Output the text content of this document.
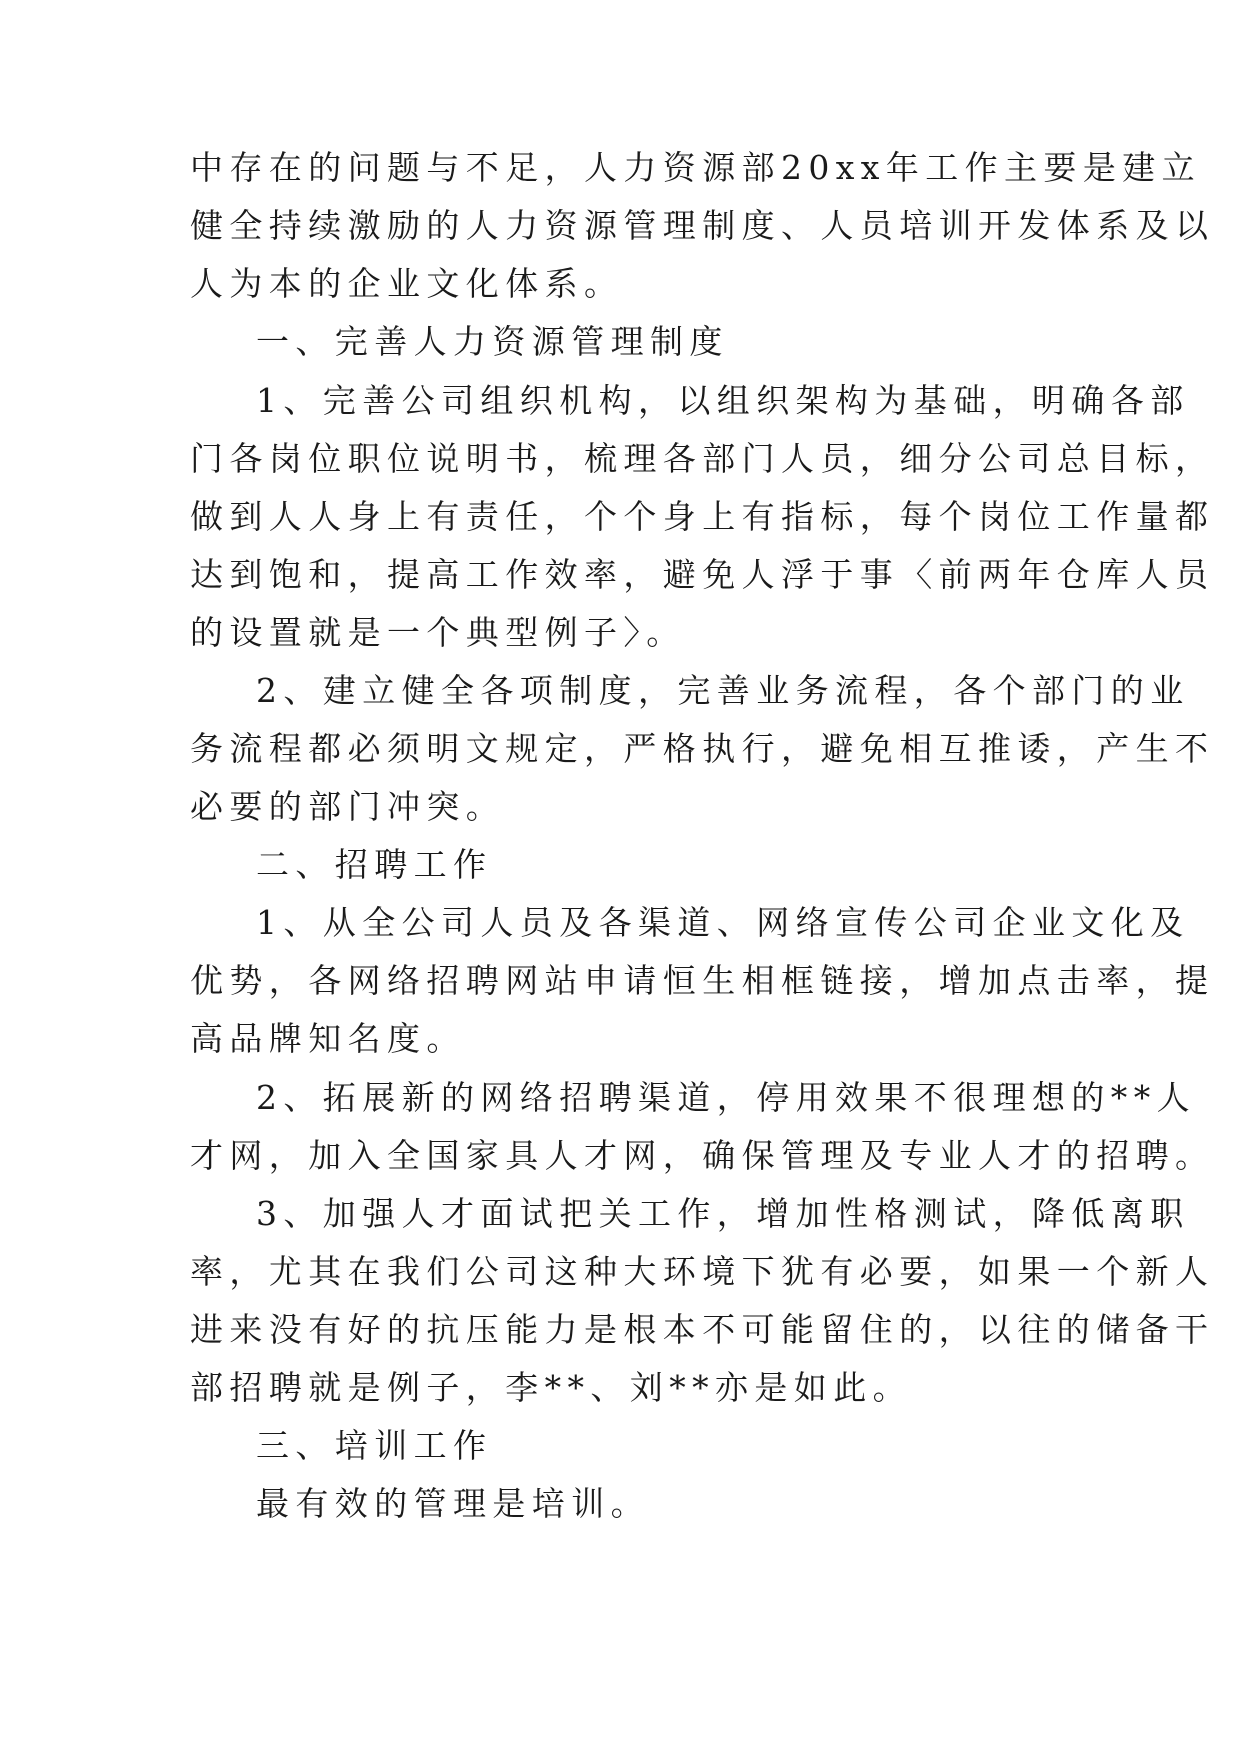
中存在的问题与不足，人力资源部20xx年工作主要是建立
健全持续激励的人力资源管理制度、人员培训开发体系及以
人为本的企业文化体系。
一、完善人力资源管理制度
1、完善公司组织机构，以组织架构为基础，明确各部
门各岗位职位说明书，梳理各部门人员，细分公司总目标，
做到人人身上有责任，个个身上有指标，每个岗位工作量都
达到饱和，提高工作效率，避免人浮于事〈前两年仓库人员
的设置就是一个典型例子〉。
2、建立健全各项制度，完善业务流程，各个部门的业
务流程都必须明文规定，严格执行，避免相互推诿，产生不
必要的部门冲突。
二、招聘工作
1、从全公司人员及各渠道、网络宣传公司企业文化及
优势，各网络招聘网站申请恒生相框链接，增加点击率，提
高品牌知名度。
2、拓展新的网络招聘渠道，停用效果不很理想的**人
才网，加入全国家具人才网，确保管理及专业人才的招聘。
3、加强人才面试把关工作，增加性格测试，降低离职
率，尤其在我们公司这种大环境下犹有必要，如果一个新人
进来没有好的抗压能力是根本不可能留住的，以往的储备干
部招聘就是例子，李**、刘**亦是如此。
三、培训工作
最有效的管理是培训。
